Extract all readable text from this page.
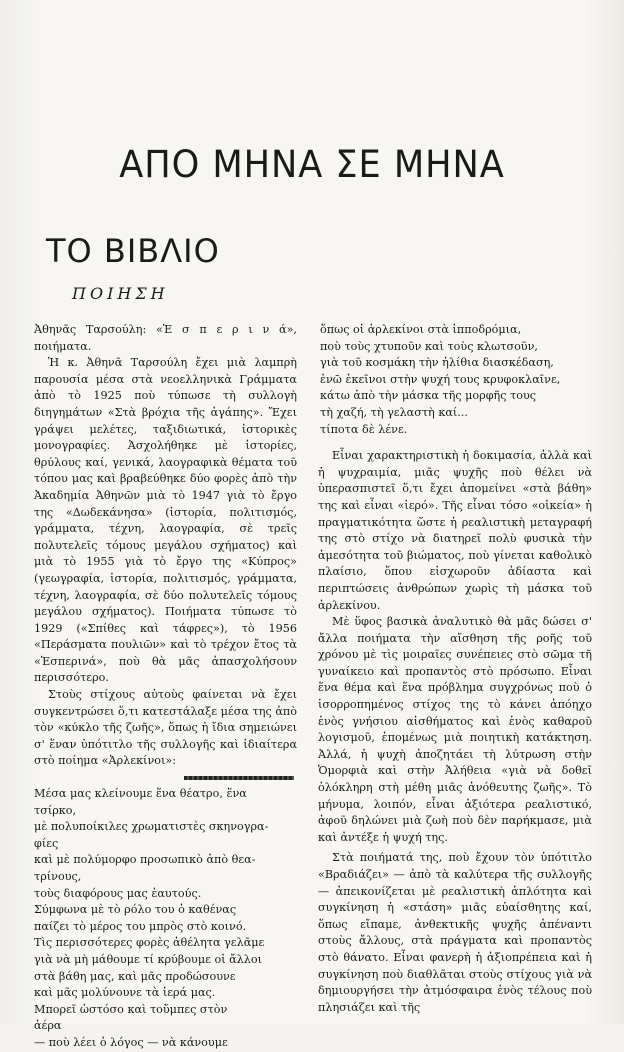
ΑΠΟ ΜΗΝΑ ΣΕ ΜΗΝΑ
ΤΟ ΒΙΒΛΙΟ
ΠΟΙΗΣΗ

Ἀθηνᾶς Ταρσούλη: «Ἑ σ π ε ρ ι ν ά», ποιήματα.

Ἡ κ. Ἀθηνᾶ Ταρσούλη ἔχει μιὰ λαμπρὴ παρουσία μέσα στὰ νεοελληνικὰ Γράμματα ἀπὸ τὸ 1925 ποὺ τύπωσε τὴ συλλογὴ διηγημάτων «Στὰ βρόχια τῆς ἀγάπης». Ἔχει γράψει μελέτες, ταξιδιωτικά, ἱστορικὲς μονογραφίες. Ἀσχολήθηκε μὲ ἱστορίες, θρύλους καί, γενικά, λαογραφικὰ θέματα τοῦ τόπου μας καὶ βραβεύθηκε δύο φορὲς ἀπὸ τὴν Ἀκαδημία Ἀθηνῶν μιὰ τὸ 1947 γιὰ τὸ ἔργο της «Δωδεκάνησα» (ἱστορία, πολιτισμός, γράμματα, τέχνη, λαογραφία, σὲ τρεῖς πολυτελεῖς τόμους μεγάλου σχήματος) καὶ μιὰ τὸ 1955 γιὰ τὸ ἔργο της «Κύπρος» (γεωγραφία, ἱστορία, πολιτισμός, γράμματα, τέχνη, λαογραφία, σὲ δύο πολυτελεῖς τόμους μεγάλου σχήματος). Ποιήματα τύπωσε τὸ 1929 («Σπίθες καὶ τάφρες»), τὸ 1956 «Περάσματα πουλιῶν» καὶ τὸ τρέχον ἔτος τὰ «Ἑσπερινά», ποὺ θὰ μᾶς ἀπασχολήσουν περισσότερο.

Στοὺς στίχους αὐτοὺς φαίνεται νὰ ἔχει συγκεντρώσει ὅ,τι κατεστάλαξε μέσα της ἀπὸ τὸν «κύκλο τῆς ζωῆς», ὅπως ἡ ἴδια σημειώνει σ' ἕναν ὑπότιτλο τῆς συλλογῆς καὶ ἰδιαίτερα στὸ ποίημα «Ἀρλεκίνοι»:

Μέσα μας κλείνουμε ἕνα θέατρο, ἕνα

τσίρκο,

μὲ πολυποίκιλες χρωματιστὲς σκηνογρα-

φίες

καὶ μὲ πολύμορφο προσωπικὸ ἀπὸ θεα-

τρίνους,

τοὺς διαφόρους μας ἑαυτούς.

Σύμφωνα μὲ τὸ ρόλο του ὁ καθένας

παίζει τὸ μέρος του μπρὸς στὸ κοινό.

Τὶς περισσότερες φορὲς ἀθέλητα γελᾶμε

γιὰ νὰ μὴ μάθουμε τί κρύβουμε οἱ ἄλλοι

στὰ βάθη μας, καὶ μᾶς προδώσουνε

καὶ μᾶς μολύνουνε τὰ ἱερά μας.

Μπορεῖ ὡστόσο καὶ τοὔμπες στὸν

ἀέρα

— ποὺ λέει ὁ λόγος — νὰ κάνουμε

ὅπως οἱ ἀρλεκίνοι στὰ ἱπποδρόμια,

ποὺ τοὺς χτυποῦν καὶ τοὺς κλωτσοῦν,

γιὰ τοῦ κοσμάκη τὴν ἠλίθια διασκέδαση,

ἐνῶ ἐκεῖνοι στὴν ψυχή τους κρυφοκλαῖνε,

κάτω ἀπὸ τὴν μάσκα τῆς μορφῆς τους

τὴ χαζή, τὴ γελαστὴ καί...

τίποτα δὲ λένε.

Εἶναι χαρακτηριστικὴ ἡ δοκιμασία, ἀλλὰ καὶ ἡ ψυχραιμία, μιᾶς ψυχῆς ποὺ θέλει νὰ ὑπερασπιστεῖ ὅ,τι ἔχει ἀπομείνει «στὰ βάθη» της καὶ εἶναι «ἱερό». Τῆς εἶναι τόσο «οἰκεία» ἡ πραγματικότητα ὥστε ἡ ρεαλιστικὴ μεταγραφή της στὸ στίχο νὰ διατηρεῖ πολὺ φυσικὰ τὴν ἀμεσότητα τοῦ βιώματος, ποὺ γίνεται καθολικὸ πλαίσιο, ὅπου εἰσχωροῦν ἀδίαστα καὶ περιπτώσεις ἀνθρώπων χωρὶς τὴ μάσκα τοῦ ἀρλεκίνου.

Μὲ ὕφος βασικὰ ἀναλυτικὸ θὰ μᾶς δώσει σ' ἄλλα ποιήματα τὴν αἴσθηση τῆς ροῆς τοῦ χρόνου μὲ τὶς μοιραῖες συνέπειες στὸ σῶμα τῆ γυναίκειο καὶ προπαντὸς στὸ πρόσωπο. Εἶναι ἕνα θέμα καὶ ἕνα πρόβλημα συγχρόνως ποὺ ὁ ἰσορροπημένος στίχος της τὸ κάνει ἀπόηχο ἑνὸς γνήσιου αἰσθήματος καὶ ἑνὸς καθαροῦ λογισμοῦ, ἑπομένως μιὰ ποιητικὴ κατάκτηση. Ἀλλά, ἡ ψυχὴ ἀποζητάει τὴ λύτρωση στὴν Ὁμορφιὰ καὶ στὴν Ἀλήθεια «γιὰ νὰ δοθεῖ ὁλόκληρη στὴ μέθη μιᾶς ἀνόθευτης ζωῆς». Τὸ μήνυμα, λοιπόν, εἶναι ἀξιότερα ρεαλιστικό, ἀφοῦ δηλώνει μιὰ ζωὴ ποὺ δὲν παρήκμασε, μιὰ καὶ ἀντέξε ἡ ψυχή της.

Στὰ ποιήματά της, ποὺ ἔχουν τὸν ὑπότιτλο «Βραδιάζει» — ἀπὸ τὰ καλύτερα τῆς συλλογῆς — ἀπεικονίζεται μὲ ρεαλιστικὴ ἁπλότητα καὶ συγκίνηση ἡ «στάση» μιᾶς εὐαίσθητης καί, ὅπως εἴπαμε, ἀνθεκτικῆς ψυχῆς ἀπέναντι στοὺς ἄλλους, στὰ πράγματα καὶ προπαντὸς στὸ θάνατο. Εἶναι φανερὴ ἡ ἀξιοπρέπεια καὶ ἡ συγκίνηση ποὺ διαθλᾶται στοὺς στίχους γιὰ νὰ δημιουργήσει τὴν ἀτμόσφαιρα ἑνὸς τέλους ποὺ πλησιάζει καὶ τῆς
